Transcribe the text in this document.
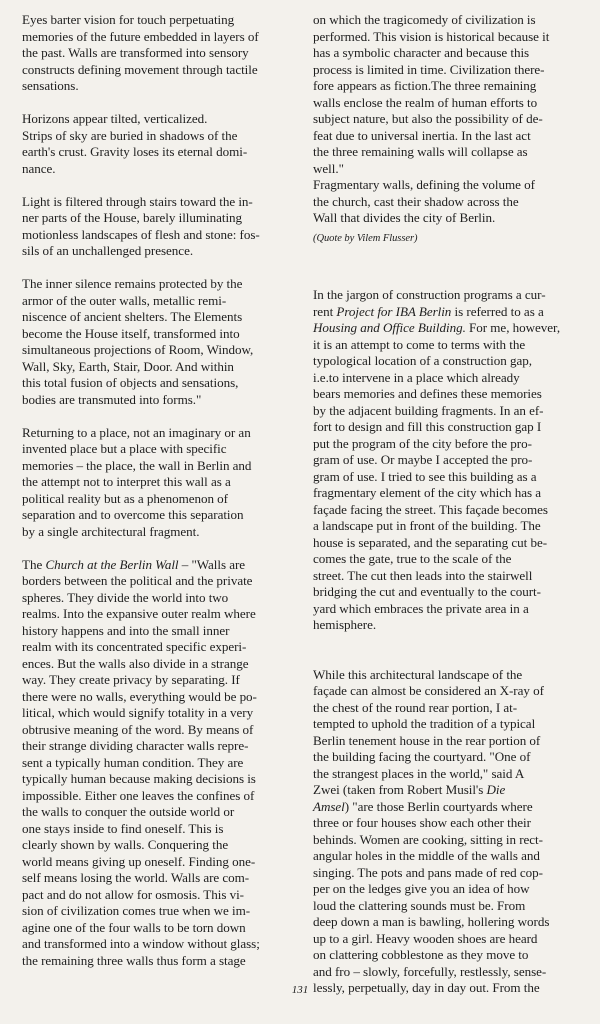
Eyes barter vision for touch perpetuating
memories of the future embedded in layers of
the past. Walls are transformed into sensory
constructs defining movement through tactile
sensations.

Horizons appear tilted, verticalized.
Strips of sky are buried in shadows of the
earth's crust. Gravity loses its eternal domi-
nance.

Light is filtered through stairs toward the in-
ner parts of the House, barely illuminating
motionless landscapes of flesh and stone: fos-
sils of an unchallenged presence.

The inner silence remains protected by the
armor of the outer walls, metallic remi-
niscence of ancient shelters. The Elements
become the House itself, transformed into
simultaneous projections of Room, Window,
Wall, Sky, Earth, Stair, Door. And within
this total fusion of objects and sensations,
bodies are transmuted into forms."

Returning to a place, not an imaginary or an
invented place but a place with specific
memories – the place, the wall in Berlin and
the attempt not to interpret this wall as a
political reality but as a phenomenon of
separation and to overcome this separation
by a single architectural fragment.

The Church at the Berlin Wall – "Walls are
borders between the political and the private
spheres. They divide the world into two
realms. Into the expansive outer realm where
history happens and into the small inner
realm with its concentrated specific experi-
ences. But the walls also divide in a strange
way. They create privacy by separating. If
there were no walls, everything would be po-
litical, which would signify totality in a very
obtrusive meaning of the word. By means of
their strange dividing character walls repre-
sent a typically human condition. They are
typically human because making decisions is
impossible. Either one leaves the confines of
the walls to conquer the outside world or
one stays inside to find oneself. This is
clearly shown by walls. Conquering the
world means giving up oneself. Finding one-
self means losing the world. Walls are com-
pact and do not allow for osmosis. This vi-
sion of civilization comes true when we im-
agine one of the four walls to be torn down
and transformed into a window without glass;
the remaining three walls thus form a stage

on which the tragicomedy of civilization is
performed. This vision is historical because it
has a symbolic character and because this
process is limited in time. Civilization there-
fore appears as fiction.The three remaining
walls enclose the realm of human efforts to
subject nature, but also the possibility of de-
feat due to universal inertia. In the last act
the three remaining walls will collapse as
well."
Fragmentary walls, defining the volume of
the church, cast their shadow across the
Wall that divides the city of Berlin.

(Quote by Vilem Flusser)

In the jargon of construction programs a cur-
rent Project for IBA Berlin is referred to as a
Housing and Office Building. For me, however,
it is an attempt to come to terms with the
typological location of a construction gap,
i.e.to intervene in a place which already
bears memories and defines these memories
by the adjacent building fragments. In an ef-
fort to design and fill this construction gap I
put the program of the city before the pro-
gram of use. Or maybe I accepted the pro-
gram of use. I tried to see this building as a
fragmentary element of the city which has a
façade facing the street. This façade becomes
a landscape put in front of the building. The
house is separated, and the separating cut be-
comes the gate, true to the scale of the
street. The cut then leads into the stairwell
bridging the cut and eventually to the court-
yard which embraces the private area in a
hemisphere.

While this architectural landscape of the
façade can almost be considered an X-ray of
the chest of the round rear portion, I at-
tempted to uphold the tradition of a typical
Berlin tenement house in the rear portion of
the building facing the courtyard. "One of
the strangest places in the world," said A
Zwei (taken from Robert Musil's Die
Amsel) "are those Berlin courtyards where
three or four houses show each other their
behinds. Women are cooking, sitting in rect-
angular holes in the middle of the walls and
singing. The pots and pans made of red cop-
per on the ledges give you an idea of how
loud the clattering sounds must be. From
deep down a man is bawling, hollering words
up to a girl. Heavy wooden shoes are heard
on clattering cobblestone as they move to
and fro – slowly, forcefully, restlessly, sense-
lessly, perpetually, day in day out. From the

131
